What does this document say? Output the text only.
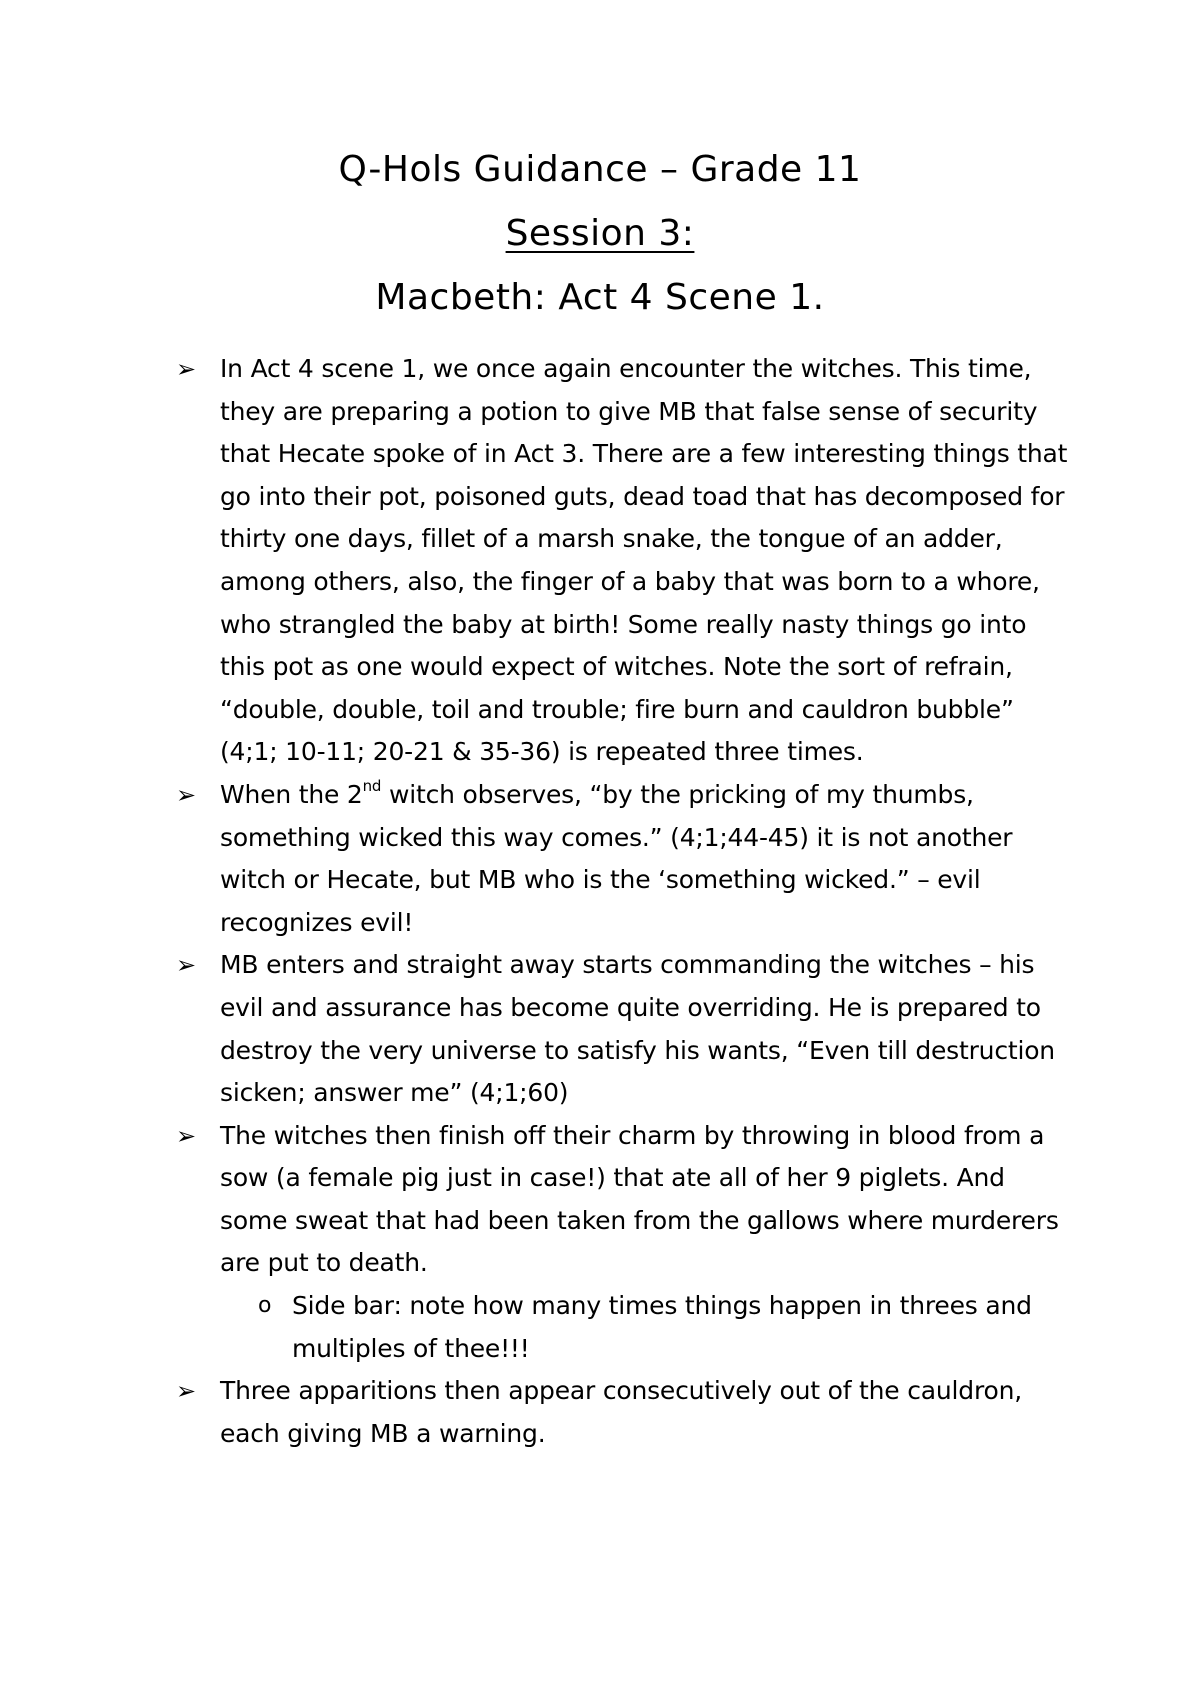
Q-Hols Guidance – Grade 11
Session 3:
Macbeth: Act 4 Scene 1.
➢ In Act 4 scene 1, we once again encounter the witches. This time, they are preparing a potion to give MB that false sense of security that Hecate spoke of in Act 3. There are a few interesting things that go into their pot, poisoned guts, dead toad that has decomposed for thirty one days, fillet of a marsh snake, the tongue of an adder, among others, also, the finger of a baby that was born to a whore, who strangled the baby at birth! Some really nasty things go into this pot as one would expect of witches. Note the sort of refrain, “double, double, toil and trouble; fire burn and cauldron bubble” (4;1; 10-11; 20-21 & 35-36) is repeated three times.
➢ When the 2nd witch observes, “by the pricking of my thumbs, something wicked this way comes.” (4;1;44-45) it is not another witch or Hecate, but MB who is the ‘something wicked.” – evil recognizes evil!
➢ MB enters and straight away starts commanding the witches – his evil and assurance has become quite overriding. He is prepared to destroy the very universe to satisfy his wants, “Even till destruction sicken; answer me” (4;1;60)
➢ The witches then finish off their charm by throwing in blood from a sow (a female pig just in case!) that ate all of her 9 piglets. And some sweat that had been taken from the gallows where murderers are put to death.
o Side bar: note how many times things happen in threes and multiples of thee!!!
➢ Three apparitions then appear consecutively out of the cauldron, each giving MB a warning.
